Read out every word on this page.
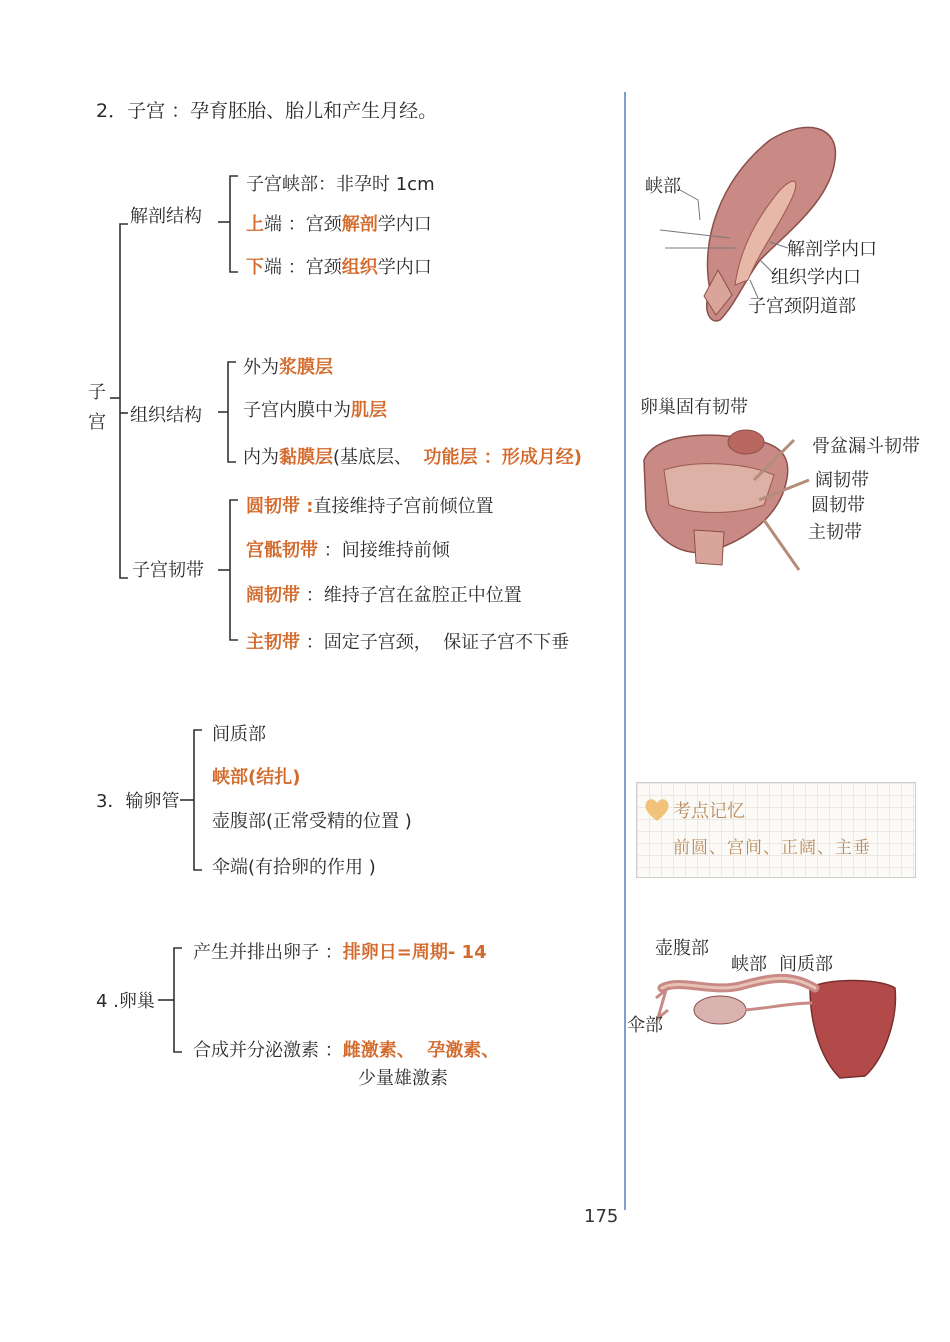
2．子宫 ：孕育胚胎、胎儿和产生月经。
子宫
解剖结构
子宫峡部：非孕时 1cm
上端 ：宫颈解剖学内口
下端 ：宫颈组织学内口
组织结构
外为浆膜层
子宫内膜中为肌层
内为黏膜层(基底层、  功能层 ：形成月经)
子宫韧带
圆韧带 :直接维持子宫前倾位置
宫骶韧带 ：间接维持前倾
阔韧带 ：维持子宫在盆腔正中位置
主韧带 ：固定子宫颈，  保证子宫不下垂
3．输卵管
间质部
峡部(结扎)
壶腹部(正常受精的位置 )
伞端(有拾卵的作用 )
4 .卵巢
产生并排出卵子 ：排卵日=周期- 14
合成并分泌激素 ：雌激素、  孕激素、
少量雄激素
峡部
解剖学内口
组织学内口
子宫颈阴道部
卵巢固有韧带
骨盆漏斗韧带
阔韧带
圆韧带
主韧带
考点记忆
前圆、宫间、正阔、主垂
壶腹部
峡部 间质部
伞部
175
